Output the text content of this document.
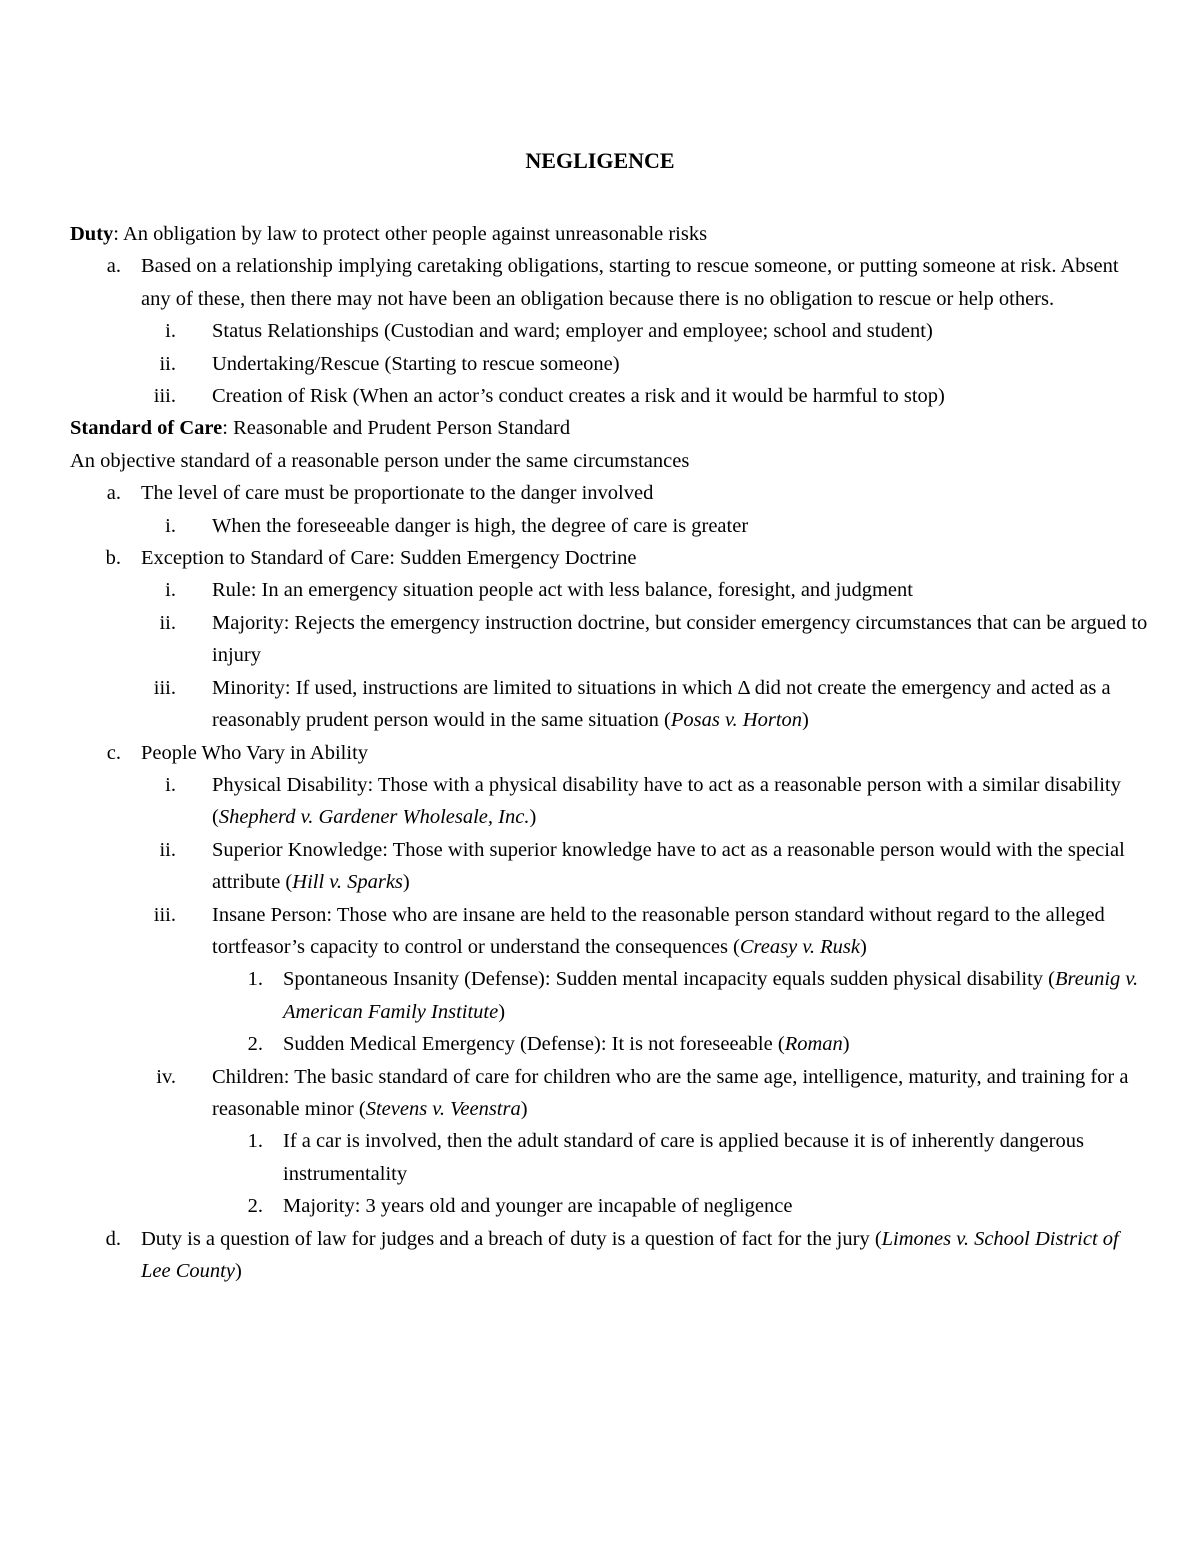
NEGLIGENCE

Duty: An obligation by law to protect other people against unreasonable risks

a. Based on a relationship implying caretaking obligations, starting to rescue someone, or putting someone at risk. Absent any of these, then there may not have been an obligation because there is no obligation to rescue or help others.
i. Status Relationships (Custodian and ward; employer and employee; school and student)
ii. Undertaking/Rescue (Starting to rescue someone)
iii. Creation of Risk (When an actor’s conduct creates a risk and it would be harmful to stop)

Standard of Care: Reasonable and Prudent Person Standard

An objective standard of a reasonable person under the same circumstances

a. The level of care must be proportionate to the danger involved
i. When the foreseeable danger is high, the degree of care is greater
b. Exception to Standard of Care: Sudden Emergency Doctrine
i. Rule: In an emergency situation people act with less balance, foresight, and judgment
ii. Majority: Rejects the emergency instruction doctrine, but consider emergency circumstances that can be argued to injury
iii. Minority: If used, instructions are limited to situations in which Δ did not create the emergency and acted as a reasonably prudent person would in the same situation (Posas v. Horton)
c. People Who Vary in Ability
i. Physical Disability: Those with a physical disability have to act as a reasonable person with a similar disability (Shepherd v. Gardener Wholesale, Inc.)
ii. Superior Knowledge: Those with superior knowledge have to act as a reasonable person would with the special attribute (Hill v. Sparks)
iii. Insane Person: Those who are insane are held to the reasonable person standard without regard to the alleged tortfeasor’s capacity to control or understand the consequences (Creasy v. Rusk)
1. Spontaneous Insanity (Defense): Sudden mental incapacity equals sudden physical disability (Breunig v. American Family Institute)
2. Sudden Medical Emergency (Defense): It is not foreseeable (Roman)
iv. Children: The basic standard of care for children who are the same age, intelligence, maturity, and training for a reasonable minor (Stevens v. Veenstra)
1. If a car is involved, then the adult standard of care is applied because it is of inherently dangerous instrumentality
2. Majority: 3 years old and younger are incapable of negligence
d. Duty is a question of law for judges and a breach of duty is a question of fact for the jury (Limones v. School District of Lee County)
